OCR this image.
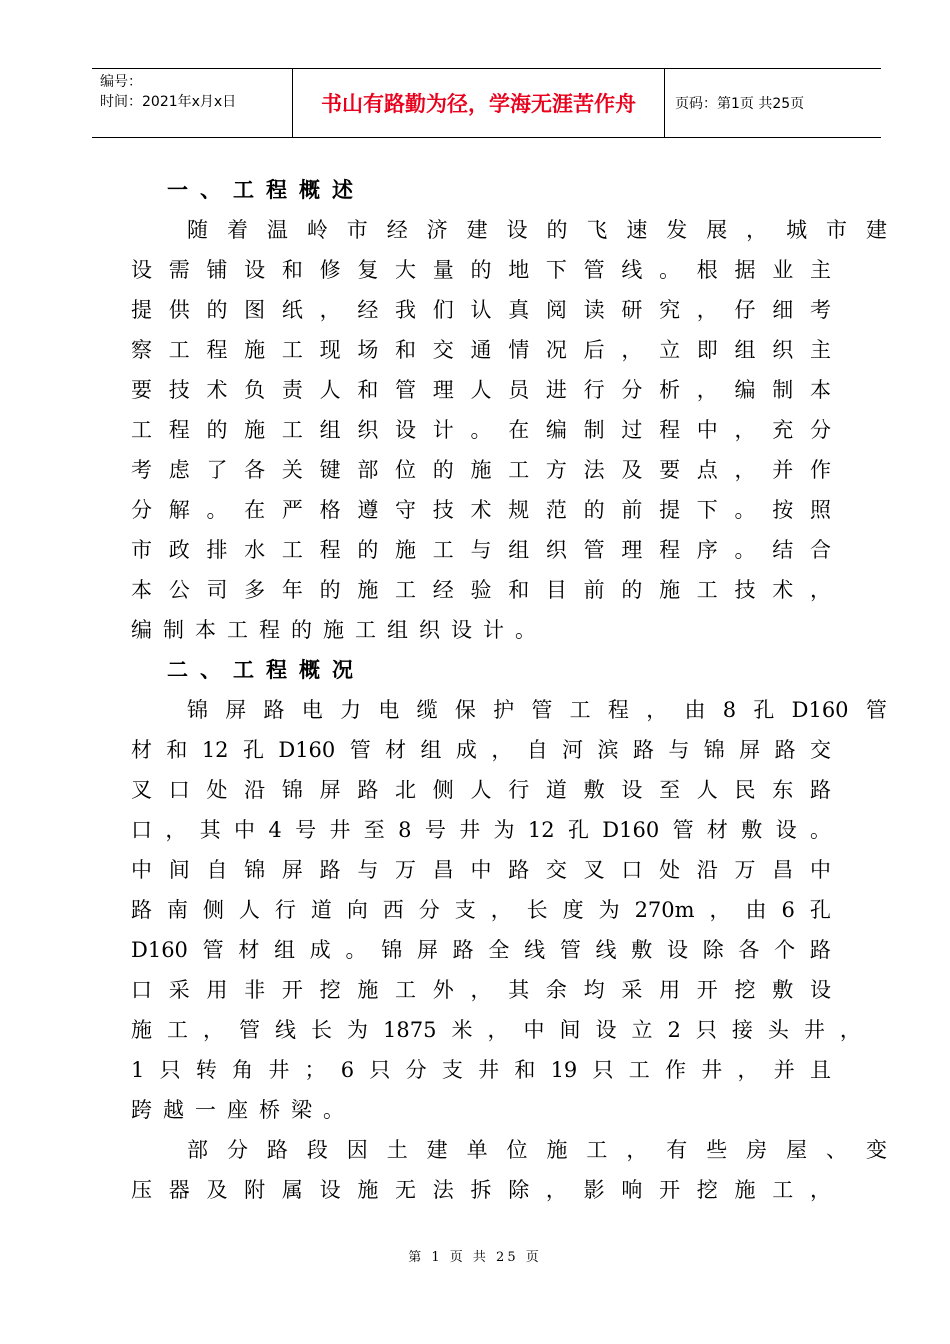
编号：
时间：2021年x月x日	书山有路勤为径，学海无涯苦作舟	页码：第1页 共25页
一、工程概述
随 着 温 岭 市 经 济 建 设 的 飞 速 发 展 ， 城 市 建
设 需 铺 设 和 修 复 大 量 的 地 下 管 线 。 根 据 业 主
提 供 的 图 纸 ， 经 我 们 认 真 阅 读 研 究 ， 仔 细 考
察 工 程 施 工 现 场 和 交 通 情 况 后 ， 立 即 组 织 主
要 技 术 负 责 人 和 管 理 人 员 进 行 分 析 ， 编 制 本
工 程 的 施 工 组 织 设 计 。 在 编 制 过 程 中 ， 充 分
考 虑 了 各 关 键 部 位 的 施 工 方 法 及 要 点 ， 并 作
分 解 。 在 严 格 遵 守 技 术 规 范 的 前 提 下 。 按 照
市 政 排 水 工 程 的 施 工 与 组 织 管 理 程 序 。 结 合
本 公 司 多 年 的 施 工 经 验 和 目 前 的 施 工 技 术 ，
编制本工程的施工组织设计。
二、工程概况
锦 屏 路 电 力 电 缆 保 护 管 工 程 ， 由 8 孔 D160 管
材 和 12 孔 D160 管 材 组 成 ， 自 河 滨 路 与 锦 屏 路 交
叉 口 处 沿 锦 屏 路 北 侧 人 行 道 敷 设 至 人 民 东 路
口 ， 其 中 4 号 井 至 8 号 井 为 12 孔 D160 管 材 敷 设 。
中 间 自 锦 屏 路 与 万 昌 中 路 交 叉 口 处 沿 万 昌 中
路 南 侧 人 行 道 向 西 分 支 ， 长 度 为 270m ， 由 6 孔
D160 管 材 组 成 。 锦 屏 路 全 线 管 线 敷 设 除 各 个 路
口 采 用 非 开 挖 施 工 外 ， 其 余 均 采 用 开 挖 敷 设
施 工 ， 管 线 长 为 1875 米 ， 中 间 设 立 2 只 接 头 井 ，
1 只 转 角 井 ； 6 只 分 支 井 和 19 只 工 作 井 ， 并 且
跨越一座桥梁。
部 分 路 段 因 土 建 单 位 施 工 ， 有 些 房 屋 、 变
压 器 及 附 属 设 施 无 法 拆 除 ， 影 响 开 挖 施 工 ，
第 1 页 共 25 页
